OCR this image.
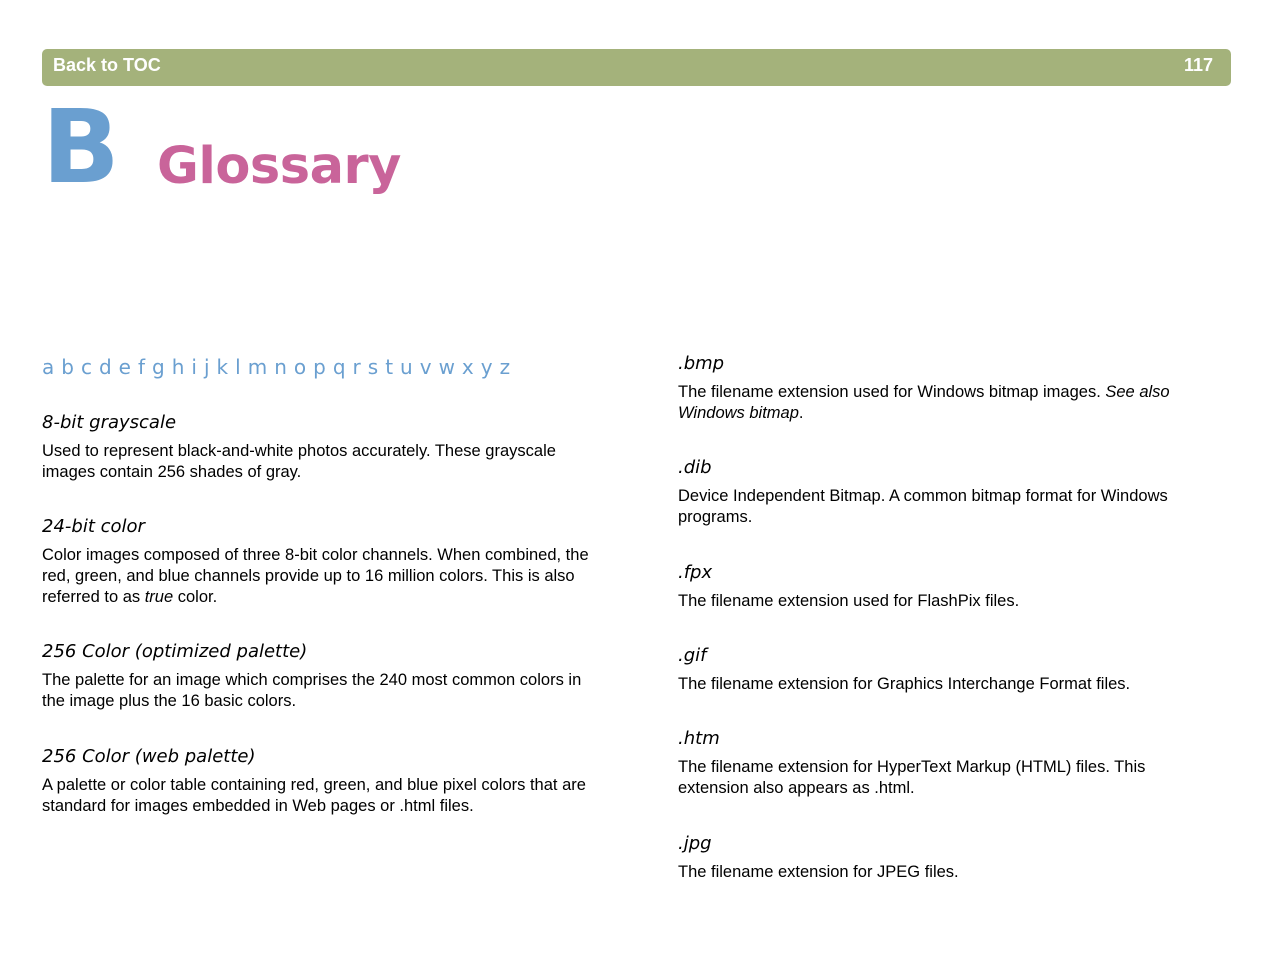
Back to TOC	117
B Glossary
a b c d e f g h i j k l m n o p q r s t u v w x y z

8-bit grayscale

Used to represent black-and-white photos accurately. These grayscale images contain 256 shades of gray.

24-bit color

Color images composed of three 8-bit color channels. When combined, the red, green, and blue channels provide up to 16 million colors. This is also referred to as true color.

256 Color (optimized palette)

The palette for an image which comprises the 240 most common colors in the image plus the 16 basic colors.

256 Color (web palette)

A palette or color table containing red, green, and blue pixel colors that are standard for images embedded in Web pages or .html files.

.bmp

The filename extension used for Windows bitmap images. See also Windows bitmap.

.dib

Device Independent Bitmap. A common bitmap format for Windows programs.

.fpx

The filename extension used for FlashPix files.

.gif

The filename extension for Graphics Interchange Format files.

.htm

The filename extension for HyperText Markup (HTML) files. This extension also appears as .html.

.jpg

The filename extension for JPEG files.
